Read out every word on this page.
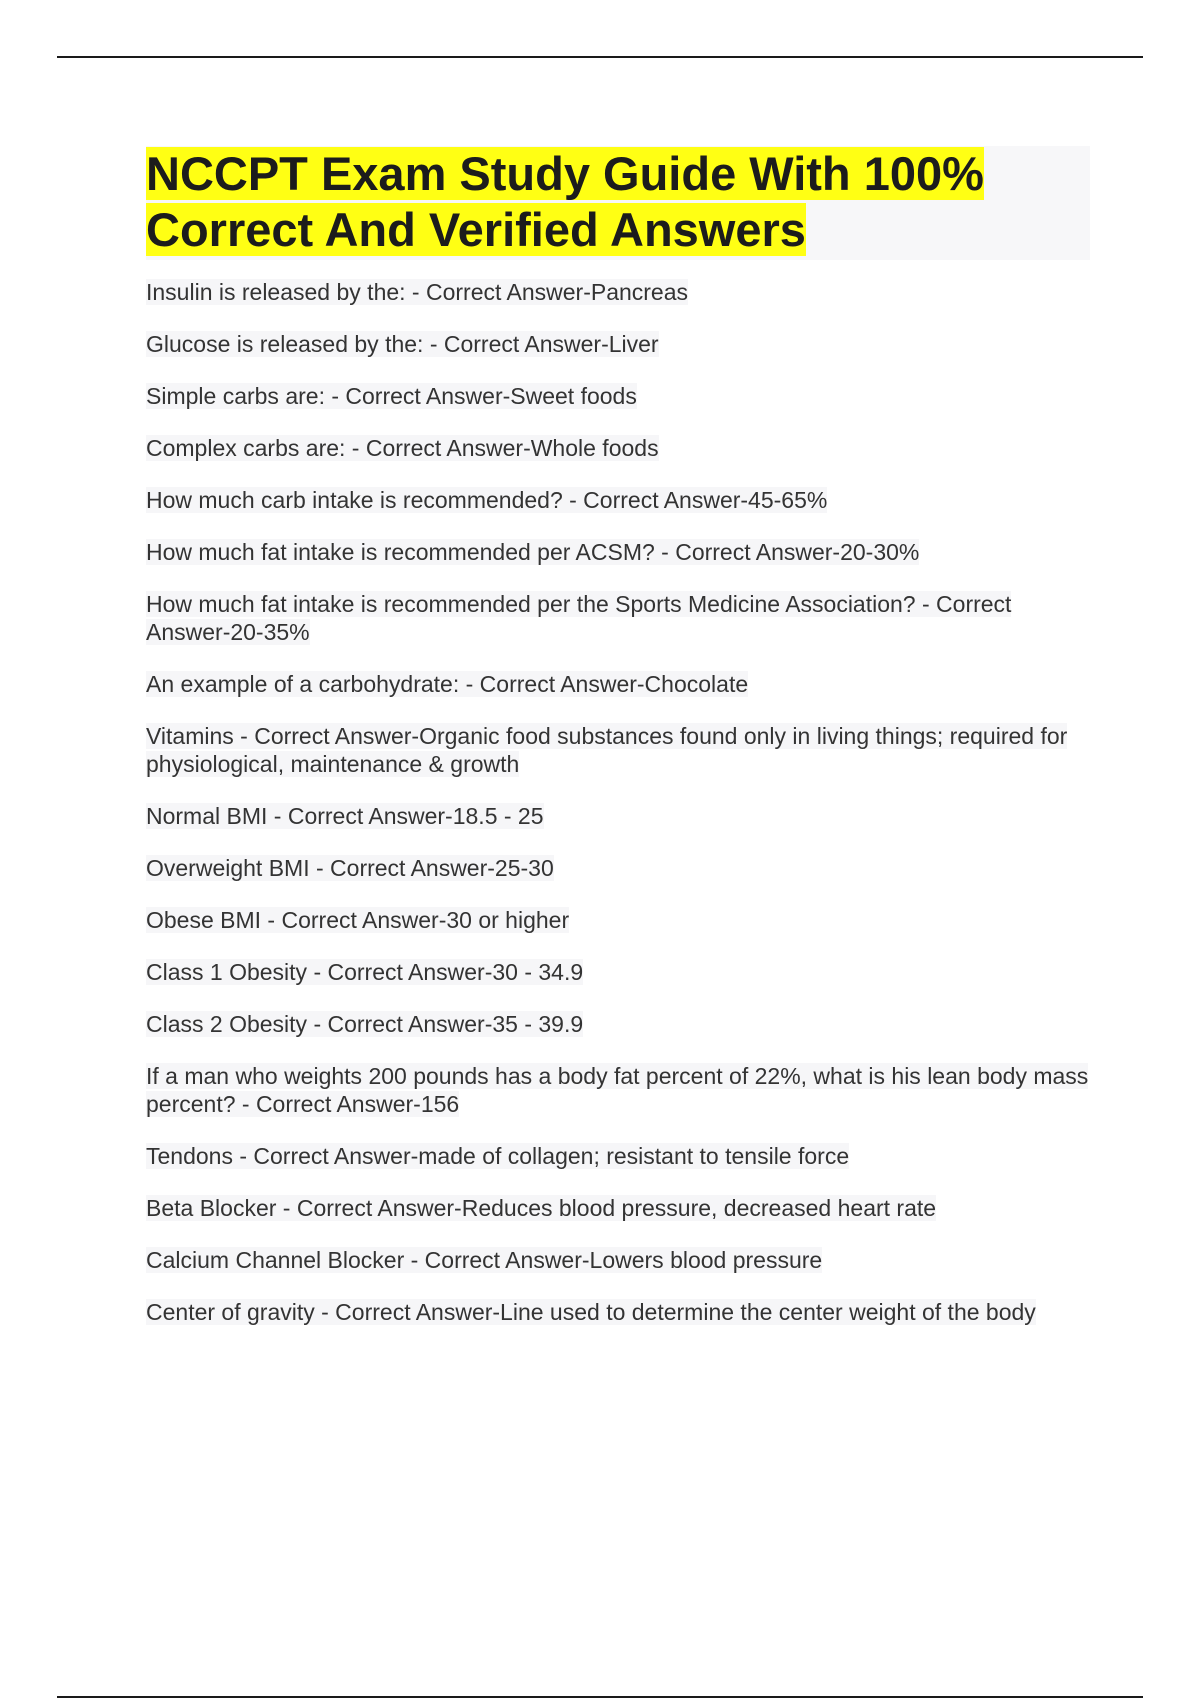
NCCPT Exam Study Guide With 100% Correct And Verified Answers
Insulin is released by the: - Correct Answer-Pancreas
Glucose is released by the: - Correct Answer-Liver
Simple carbs are: - Correct Answer-Sweet foods
Complex carbs are: - Correct Answer-Whole foods
How much carb intake is recommended? - Correct Answer-45-65%
How much fat intake is recommended per ACSM? - Correct Answer-20-30%
How much fat intake is recommended per the Sports Medicine Association? - Correct Answer-20-35%
An example of a carbohydrate: - Correct Answer-Chocolate
Vitamins - Correct Answer-Organic food substances found only in living things; required for physiological, maintenance & growth
Normal BMI - Correct Answer-18.5 - 25
Overweight BMI - Correct Answer-25-30
Obese BMI - Correct Answer-30 or higher
Class 1 Obesity - Correct Answer-30 - 34.9
Class 2 Obesity - Correct Answer-35 - 39.9
If a man who weights 200 pounds has a body fat percent of 22%, what is his lean body mass percent? - Correct Answer-156
Tendons - Correct Answer-made of collagen; resistant to tensile force
Beta Blocker - Correct Answer-Reduces blood pressure, decreased heart rate
Calcium Channel Blocker - Correct Answer-Lowers blood pressure
Center of gravity - Correct Answer-Line used to determine the center weight of the body
